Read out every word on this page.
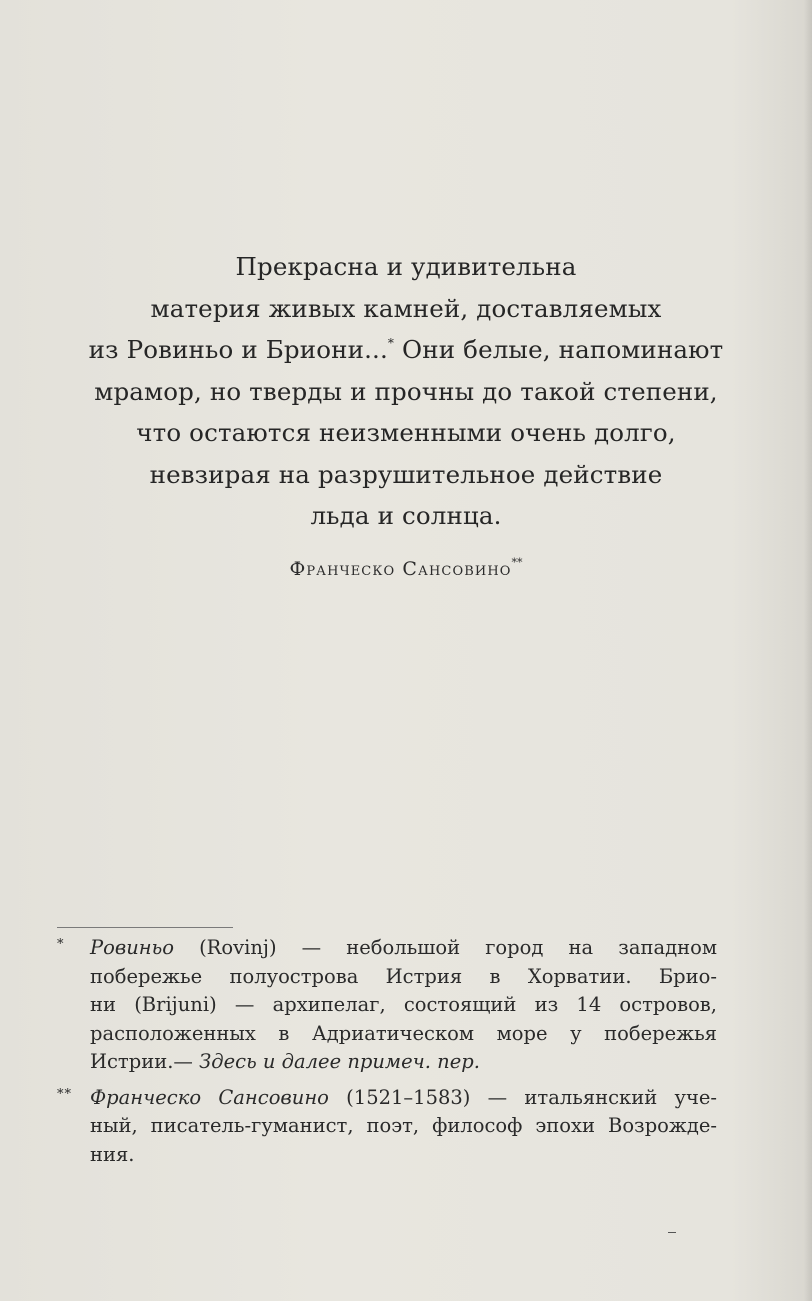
Прекрасна и удивительна
материя живых камней, доставляемых
из Ровиньо и Бриони...* Они белые, напоминают
мрамор, но тверды и прочны до такой степени,
что остаются неизменными очень долго,
невзирая на разрушительное действие
льда и солнца.
Франческо Сансовино**
* Ровиньо (Rovinj) — небольшой город на западном
побережье полуострова Истрия в Хорватии. Брио-
ни (Brijuni) — архипелаг, состоящий из 14 островов,
расположенных в Адриатическом море у побережья
Истрии.— Здесь и далее примеч. пер.
** Франческо Сансовино (1521–1583) — итальянский уче-
ный, писатель-гуманист, поэт, философ эпохи Возрожде-
ния.
